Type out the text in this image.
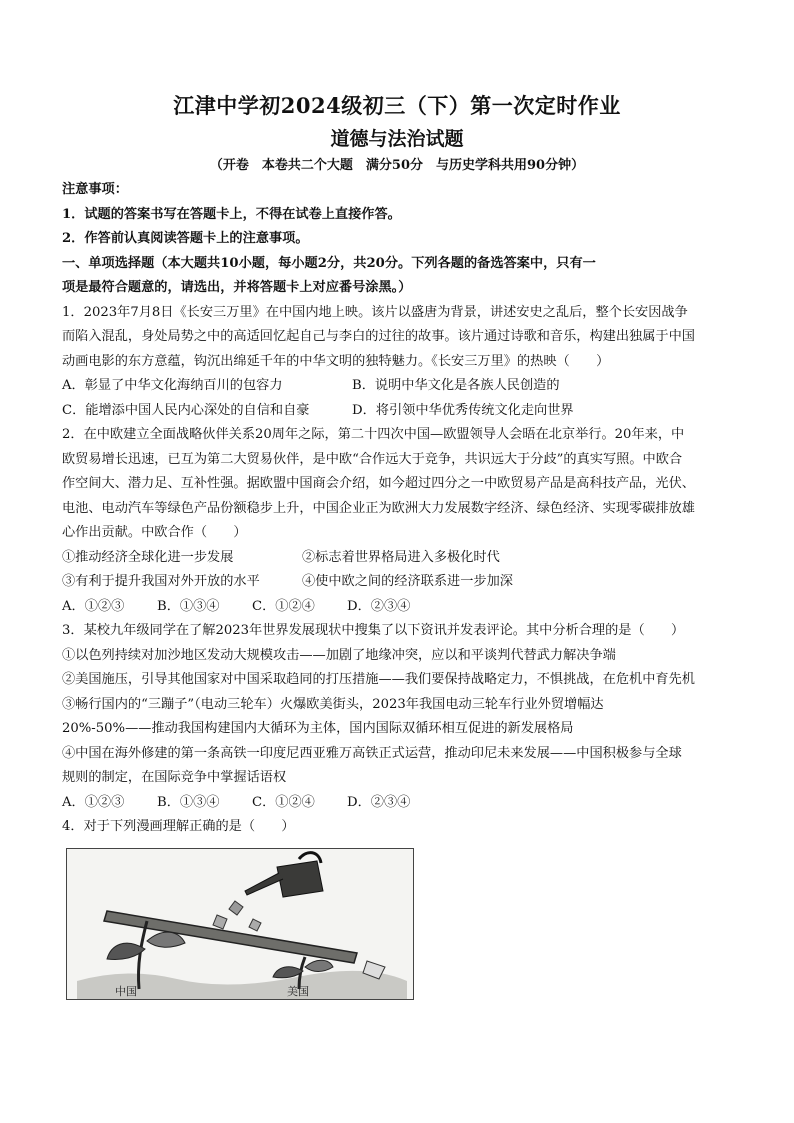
江津中学初2024级初三（下）第一次定时作业
道德与法治试题
（开卷　本卷共二个大题　满分50分　与历史学科共用90分钟）
注意事项：
1．试题的答案书写在答题卡上，不得在试卷上直接作答。
2．作答前认真阅读答题卡上的注意事项。
一、单项选择题（本大题共10小题，每小题2分，共20分。下列各题的备选答案中，只有一
项是最符合题意的，请选出，并将答题卡上对应番号涂黑。）
1．2023年7月8日《长安三万里》在中国内地上映。该片以盛唐为背景，讲述安史之乱后，整个长安因战争
而陷入混乱，身处局势之中的高适回忆起自己与李白的过往的故事。该片通过诗歌和音乐，构建出独属于中国
动画电影的东方意蕴，钩沉出绵延千年的中华文明的独特魅力。《长安三万里》的热映（　　）
A．彰显了中华文化海纳百川的包容力	B．说明中华文化是各族人民创造的
C．能增添中国人民内心深处的自信和自豪	D．将引领中华优秀传统文化走向世界
2．在中欧建立全面战略伙伴关系20周年之际，第二十四次中国—欧盟领导人会晤在北京举行。20年来，中
欧贸易增长迅速，已互为第二大贸易伙伴，是中欧“合作远大于竞争，共识远大于分歧”的真实写照。中欧合
作空间大、潜力足、互补性强。据欧盟中国商会介绍，如今超过四分之一中欧贸易产品是高科技产品，光伏、
电池、电动汽车等绿色产品份额稳步上升，中国企业正为欧洲大力发展数字经济、绿色经济、实现零碳排放雄
心作出贡献。中欧合作（　　）
①推动经济全球化进一步发展	②标志着世界格局进入多极化时代
③有利于提升我国对外开放的水平	④使中欧之间的经济联系进一步加深
A．①②③	B．①③④	C．①②④	D．②③④
3．某校九年级同学在了解2023年世界发展现状中搜集了以下资讯并发表评论。其中分析合理的是（　　）
①以色列持续对加沙地区发动大规模攻击——加剧了地缘冲突，应以和平谈判代替武力解决争端
②美国施压，引导其他国家对中国采取趋同的打压措施——我们要保持战略定力，不惧挑战，在危机中育先机
③畅行国内的“三蹦子”（电动三轮车）火爆欧美街头，2023年我国电动三轮车行业外贸增幅达
20%-50%——推动我国构建国内大循环为主体，国内国际双循环相互促进的新发展格局
④中国在海外修建的第一条高铁一印度尼西亚雅万高铁正式运营，推动印尼未来发展——中国积极参与全球
规则的制定，在国际竞争中掌握话语权
A．①②③	B．①③④	C．①②④	D．②③④
4．对于下列漫画理解正确的是（　　）
中国	美国
